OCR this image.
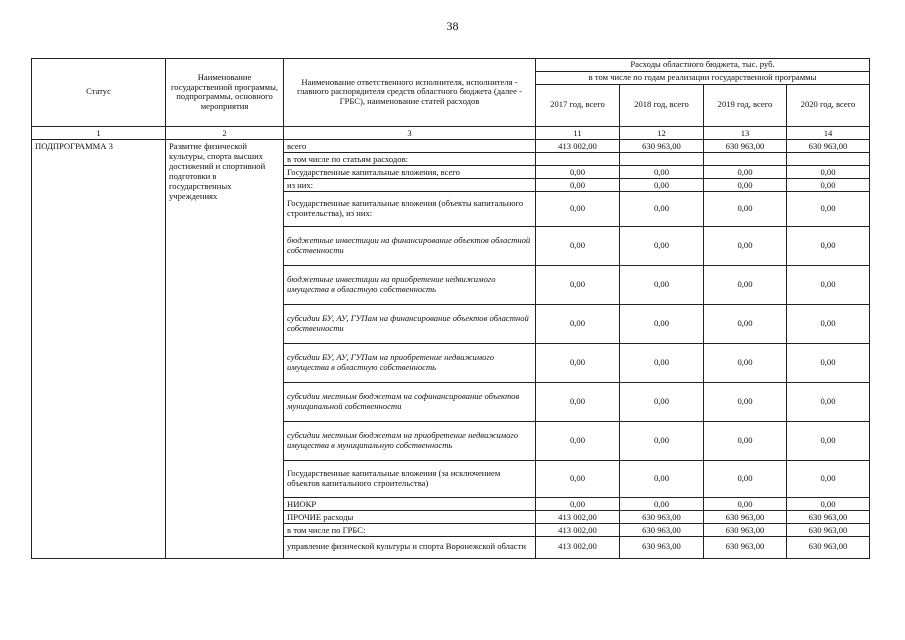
38
Статус	Наименование государственной программы, подпрограммы, основного мероприятия	Наименование ответственного исполнителя, исполнителя - главного распорядителя средств областного бюджета (далее - ГРБС), наименование статей расходов	Расходы областного бюджета, тыс. руб.			
			в том числе по годам реализации государственной программы			
			2017 год, всего	2018 год, всего	2019 год, всего	2020 год, всего
1	2	3	11	12	13	14
ПОДПРОГРАММА 3	Развитие физической культуры, спорта высших достижений и спортивной подготовки в государственных учреждениях	всего	413 002,00	630 963,00	630 963,00	630 963,00
		в том числе по статьям расходов:				
		Государственные капитальные вложения, всего	0,00	0,00	0,00	0,00
		из них:	0,00	0,00	0,00	0,00
		Государственные капитальные вложения (объекты капитального строительства), из них:	0,00	0,00	0,00	0,00
		бюджетные инвестиции на финансирование объектов областной собственности	0,00	0,00	0,00	0,00
		бюджетные инвестиции на приобретение недвижимого имущества в областную собственность	0,00	0,00	0,00	0,00
		субсидии БУ, АУ, ГУПам на финансирование объектов областной собственности	0,00	0,00	0,00	0,00
		субсидии БУ, АУ, ГУПам на приобретение недвижимого имущества в областную собственность	0,00	0,00	0,00	0,00
		субсидии местным бюджетам на софинансирование объектов муниципальной собственности	0,00	0,00	0,00	0,00
		субсидии местным бюджетам на приобретение недвижимого имущества в муниципальную собственность	0,00	0,00	0,00	0,00
		Государственные капитальные вложения (за исключением объектов капитального строительства)	0,00	0,00	0,00	0,00
		НИОКР	0,00	0,00	0,00	0,00
		ПРОЧИЕ расходы	413 002,00	630 963,00	630 963,00	630 963,00
		в том числе по ГРБС:	413 002,00	630 963,00	630 963,00	630 963,00
		управление физической культуры и спорта Воронежской области	413 002,00	630 963,00	630 963,00	630 963,00
